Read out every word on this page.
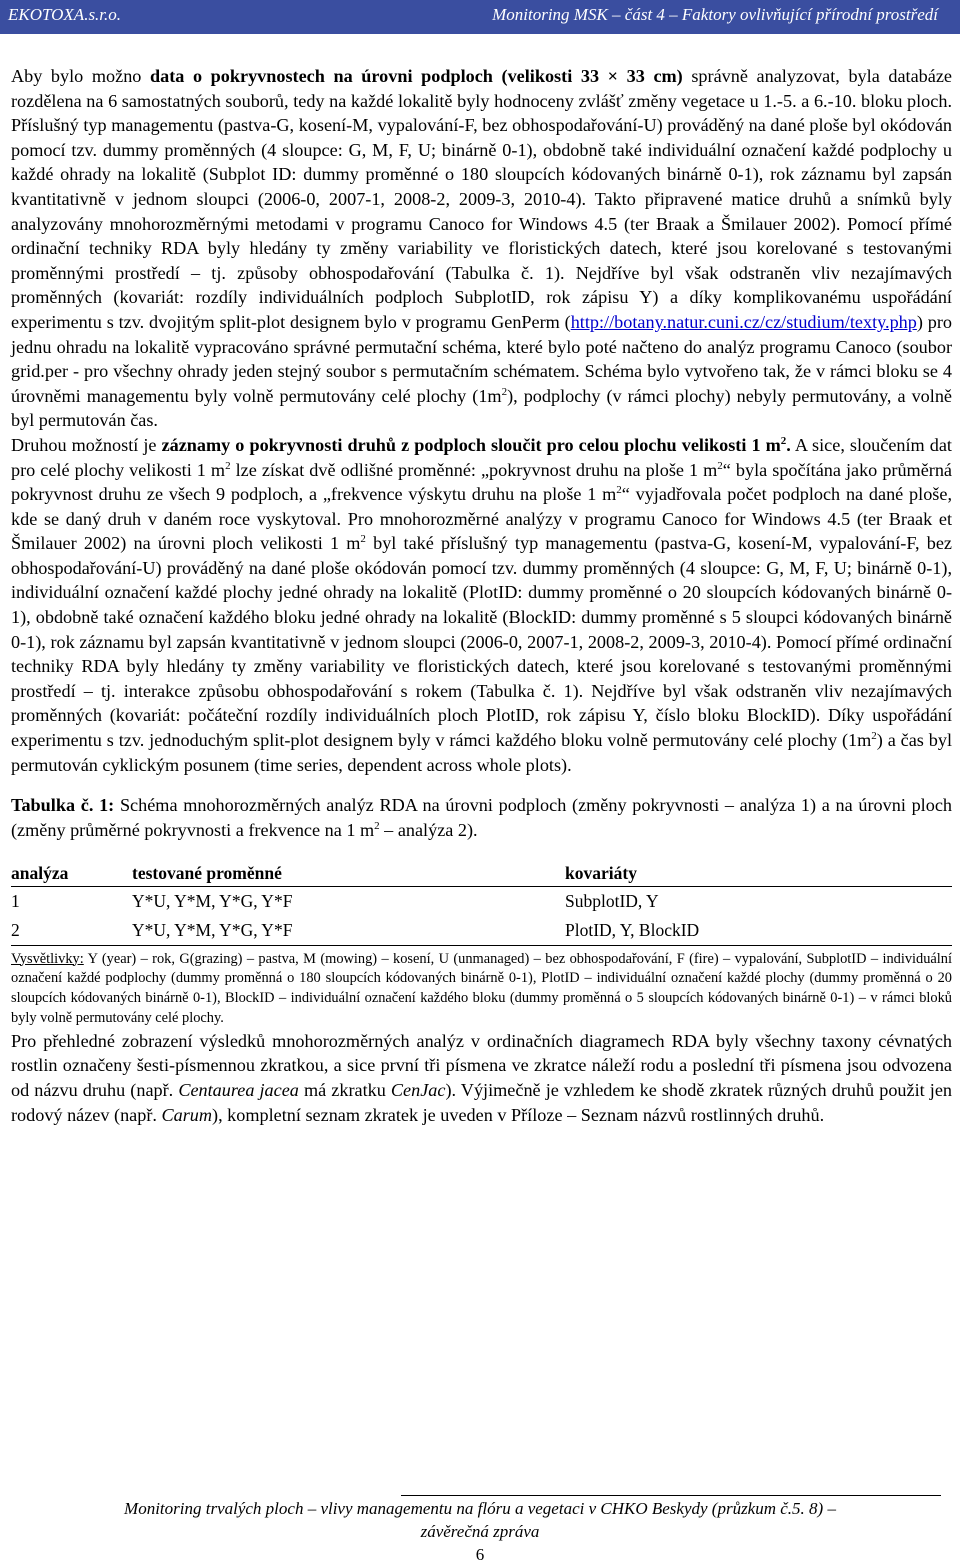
EKOTOXA.s.r.o.	Monitoring MSK – část 4 – Faktory ovlivňující přírodní prostředí

Aby bylo možno data o pokryvnostech na úrovni podploch (velikosti 33 × 33 cm) správně analyzovat, byla databáze rozdělena na 6 samostatných souborů, tedy na každé lokalitě byly hodnoceny zvlášť změny vegetace u 1.-5. a 6.-10. bloku ploch. Příslušný typ managementu (pastva-G, kosení-M, vypalování-F, bez obhospodařování-U) prováděný na dané ploše byl okódován pomocí tzv. dummy proměnných (4 sloupce: G, M, F, U; binárně 0-1), obdobně také individuální označení každé podplochy u každé ohrady na lokalitě (Subplot ID: dummy proměnné o 180 sloupcích kódovaných binárně 0-1), rok záznamu byl zapsán kvantitativně v jednom sloupci (2006-0, 2007-1, 2008-2, 2009-3, 2010-4). Takto připravené matice druhů a snímků byly analyzovány mnohorozměrnými metodami v programu Canoco for Windows 4.5 (ter Braak a Šmilauer 2002). Pomocí přímé ordinační techniky RDA byly hledány ty změny variability ve floristických datech, které jsou korelované s testovanými proměnnými prostředí – tj. způsoby obhospodařování (Tabulka č. 1). Nejdříve byl však odstraněn vliv nezajímavých proměnných (kovariát: rozdíly individuálních podploch SubplotID, rok zápisu Y) a díky komplikovanému uspořádání experimentu s tzv. dvojitým split-plot designem bylo v programu GenPerm (http://botany.natur.cuni.cz/cz/studium/texty.php) pro jednu ohradu na lokalitě vypracováno správné permutační schéma, které bylo poté načteno do analýz programu Canoco (soubor grid.per - pro všechny ohrady jeden stejný soubor s permutačním schématem. Schéma bylo vytvořeno tak, že v rámci bloku se 4 úrovněmi managementu byly volně permutovány celé plochy $(1m^2)$, podplochy (v rámci plochy) nebyly permutovány, a volně byl permutován čas.

Druhou možností je záznamy o pokryvnosti druhů z podploch sloučit pro celou plochu velikosti 1 $m^2$. A sice, sloučením dat pro celé plochy velikosti 1 $m^2$ lze získat dvě odlišné proměnné: „pokryvnost druhu na ploše 1 $m^2“$ byla spočítána jako průměrná pokryvnost druhu ze všech 9 podploch, a „frekvence výskytu druhu na ploše 1 $m^2“$ vyjadřovala počet podploch na dané ploše, kde se daný druh v daném roce vyskytoval. Pro mnohorozměrné analýzy v programu Canoco for Windows 4.5 (ter Braak et Šmilauer 2002) na úrovni ploch velikosti 1 $m^2$ byl také příslušný typ managementu (pastva-G, kosení-M, vypalování-F, bez obhospodařování-U) prováděný na dané ploše okódován pomocí tzv. dummy proměnných (4 sloupce: G, M, F, U; binárně 0-1), individuální označení každé plochy jedné ohrady na lokalitě (PlotID: dummy proměnné o 20 sloupcích kódovaných binárně 0-1), obdobně také označení každého bloku jedné ohrady na lokalitě (BlockID: dummy proměnné s 5 sloupci kódovaných binárně 0-1), rok záznamu byl zapsán kvantitativně v jednom sloupci (2006-0, 2007-1, 2008-2, 2009-3, 2010-4). Pomocí přímé ordinační techniky RDA byly hledány ty změny variability ve floristických datech, které jsou korelované s testovanými proměnnými prostředí – tj. interakce způsobu obhospodařování s rokem (Tabulka č. 1). Nejdříve byl však odstraněn vliv nezajímavých proměnných (kovariát: počáteční rozdíly individuálních ploch PlotID, rok zápisu Y, číslo bloku BlockID). Díky uspořádání experimentu s tzv. jednoduchým split-plot designem byly v rámci každého bloku volně permutovány celé plochy $(1m^2)$ a čas byl permutován cyklickým posunem (time series, dependent across whole plots).

Tabulka č. 1: Schéma mnohorozměrných analýz RDA na úrovni podploch (změny pokryvnosti – analýza 1) a na úrovni ploch (změny průměrné pokryvnosti a frekvence na 1 $m^2$ – analýza 2).

analýza	testované proměnné	kovariáty
1	Y*U, Y*M, Y*G, Y*F	SubplotID, Y
2	Y*U, Y*M, Y*G, Y*F	PlotID, Y, BlockID

Vysvětlivky: Y (year) – rok, G(grazing) – pastva, M (mowing) – kosení, U (unmanaged) – bez obhospodařování, F (fire) – vypalování, SubplotID – individuální označení každé podplochy (dummy proměnná o 180 sloupcích kódovaných binárně 0-1), PlotID – individuální označení každé plochy (dummy proměnná o 20 sloupcích kódovaných binárně 0-1), BlockID – individuální označení každého bloku (dummy proměnná o 5 sloupcích kódovaných binárně 0-1) – v rámci bloků byly volně permutovány celé plochy.

Pro přehledné zobrazení výsledků mnohorozměrných analýz v ordinačních diagramech RDA byly všechny taxony cévnatých rostlin označeny šesti-písmennou zkratkou, a sice první tři písmena ve zkratce náleží rodu a poslední tři písmena jsou odvozena od názvu druhu (např. Centaurea jacea má zkratku CenJac). Výjimečně je vzhledem ke shodě zkratek různých druhů použit jen rodový název (např. Carum), kompletní seznam zkratek je uveden v Příloze – Seznam názvů rostlinných druhů.

Monitoring trvalých ploch – vlivy managementu na flóru a vegetaci v CHKO Beskydy (průzkum č.5. 8) –
závěrečná zpráva
6
